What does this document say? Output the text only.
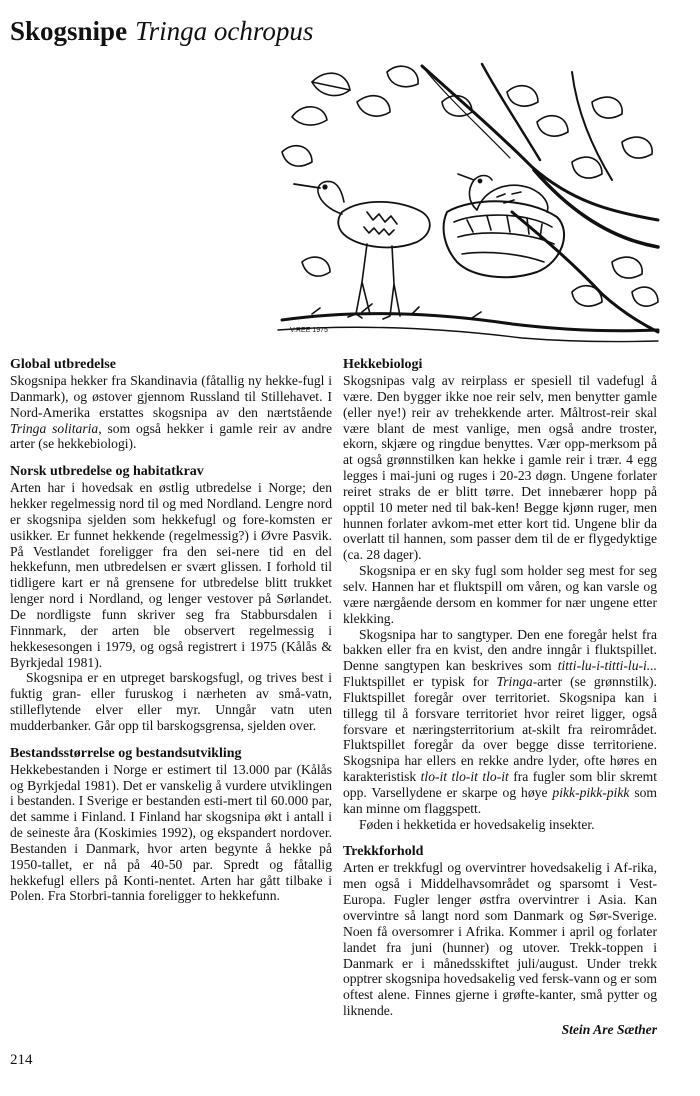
Skogsnipe Tringa ochropus
V.REE 1975
Global utbredelse

Skogsnipa hekker fra Skandinavia (fåtallig ny hekke-fugl i Danmark), og østover gjennom Russland til Stillehavet. I Nord-Amerika erstattes skogsnipa av den nærtstående Tringa solitaria, som også hekker i gamle reir av andre arter (se hekkebiologi).

Norsk utbredelse og habitatkrav

Arten har i hovedsak en østlig utbredelse i Norge; den hekker regelmessig nord til og med Nordland. Lengre nord er skogsnipa sjelden som hekkefugl og fore-komsten er usikker. Er funnet hekkende (regelmessig?) i Øvre Pasvik. På Vestlandet foreligger fra den sei-nere tid en del hekkefunn, men utbredelsen er svært glissen. I forhold til tidligere kart er nå grensene for utbredelse blitt trukket lenger nord i Nordland, og lenger vestover på Sørlandet. De nordligste funn skriver seg fra Stabbursdalen i Finnmark, der arten ble observert regelmessig i hekkesesongen i 1979, og også registrert i 1975 (Kålås & Byrkjedal 1981).

Skogsnipa er en utpreget barskogsfugl, og trives best i fuktig gran- eller furuskog i nærheten av små-vatn, stilleflytende elver eller myr. Unngår vatn uten mudderbanker. Går opp til barskogsgrensa, sjelden over.

Bestandsstørrelse og bestandsutvikling

Hekkebestanden i Norge er estimert til 13.000 par (Kålås og Byrkjedal 1981). Det er vanskelig å vurdere utviklingen i bestanden. I Sverige er bestanden esti-mert til 60.000 par, det samme i Finland. I Finland har skogsnipa økt i antall i de seineste åra (Koskimies 1992), og ekspandert nordover. Bestanden i Danmark, hvor arten begynte å hekke på 1950-tallet, er nå på 40-50 par. Spredt og fåtallig hekkefugl ellers på Konti-nentet. Arten har gått tilbake i Polen. Fra Storbri-tannia foreligger to hekkefunn.

Hekkebiologi

Skogsnipas valg av reirplass er spesiell til vadefugl å være. Den bygger ikke noe reir selv, men benytter gamle (eller nye!) reir av trehekkende arter. Måltrost-reir skal være blant de mest vanlige, men også andre troster, ekorn, skjære og ringdue benyttes. Vær opp-merksom på at også grønnstilken kan hekke i gamle reir i trær. 4 egg legges i mai-juni og ruges i 20-23 døgn. Ungene forlater reiret straks de er blitt tørre. Det innebærer hopp på opptil 10 meter ned til bak-ken! Begge kjønn ruger, men hunnen forlater avkom-met etter kort tid. Ungene blir da overlatt til hannen, som passer dem til de er flygedyktige (ca. 28 dager).

Skogsnipa er en sky fugl som holder seg mest for seg selv. Hannen har et fluktspill om våren, og kan varsle og være nærgående dersom en kommer for nær ungene etter klekking.

Skogsnipa har to sangtyper. Den ene foregår helst fra bakken eller fra en kvist, den andre inngår i fluktspillet. Denne sangtypen kan beskrives som titti-lu-i-titti-lu-i... Fluktspillet er typisk for Tringa-arter (se grønnstilk). Fluktspillet foregår over territoriet. Skogsnipa kan i tillegg til å forsvare territoriet hvor reiret ligger, også forsvare et næringsterritorium at-skilt fra reirområdet. Fluktspillet foregår da over begge disse territoriene. Skogsnipa har ellers en rekke andre lyder, ofte høres en karakteristisk tlo-it tlo-it tlo-it fra fugler som blir skremt opp. Varsellydene er skarpe og høye pikk-pikk-pikk som kan minne om flaggspett.

Føden i hekketida er hovedsakelig insekter.

Trekkforhold

Arten er trekkfugl og overvintrer hovedsakelig i Af-rika, men også i Middelhavsområdet og sparsomt i Vest-Europa. Fugler lenger østfra overvintrer i Asia. Kan overvintre så langt nord som Danmark og Sør-Sverige. Noen få oversomrer i Afrika. Kommer i april og forlater landet fra juni (hunner) og utover. Trekk-toppen i Danmark er i månedsskiftet juli/august. Under trekk opptrer skogsnipa hovedsakelig ved fersk-vann og er som oftest alene. Finnes gjerne i grøfte-kanter, små pytter og liknende.

Stein Are Sæther
214
